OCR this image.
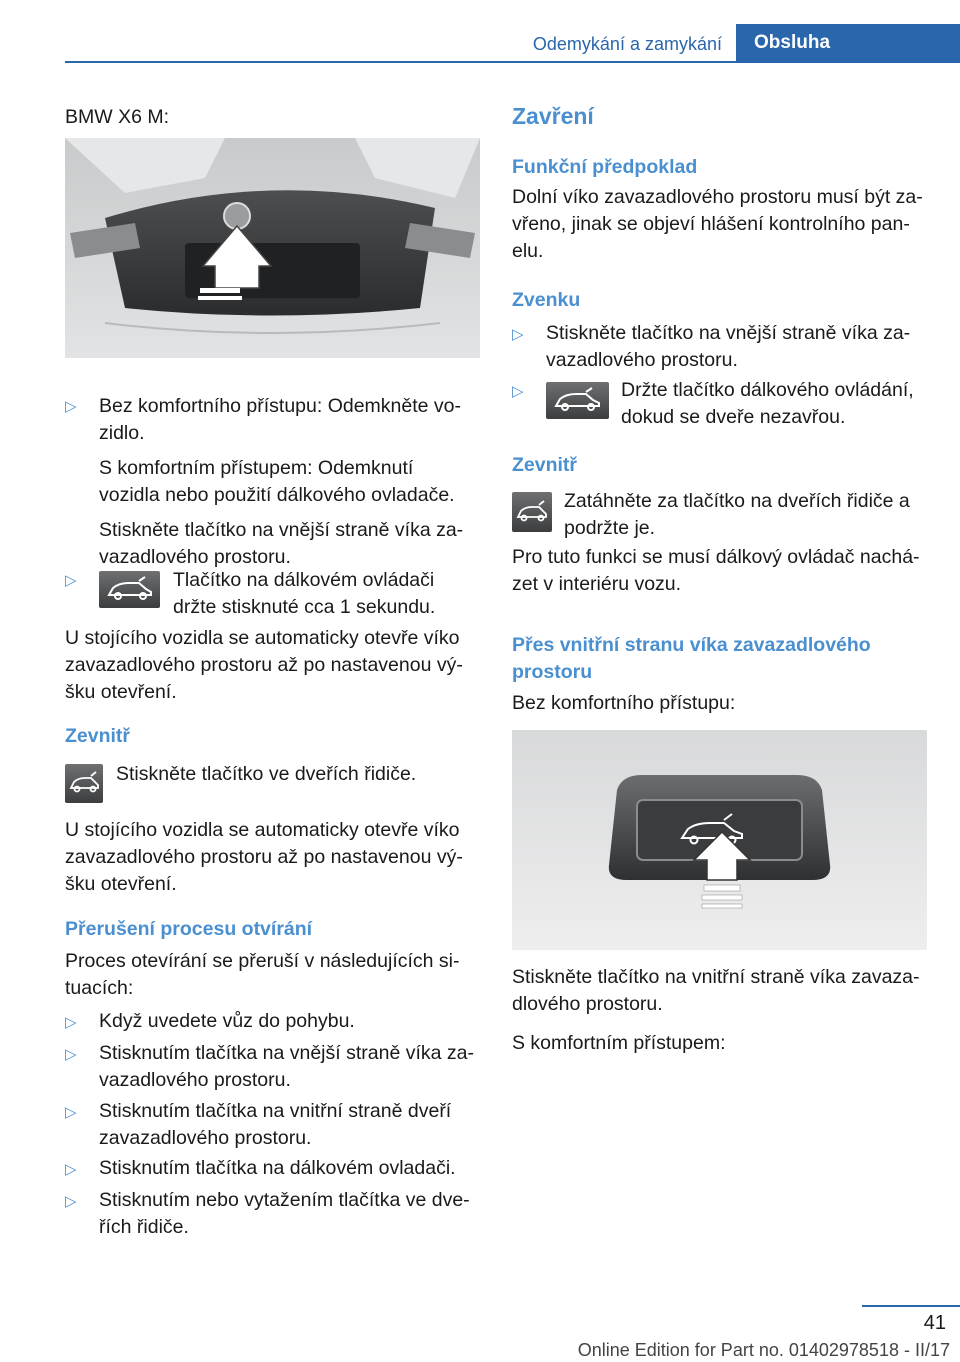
Odemykání a zamykání	Obsluha

BMW X6 M:

▷ Bez komfortního přístupu: Odemkněte vo-
zidlo.

S komfortním přístupem: Odemknutí
vozidla nebo použití dálkového ovladače.

Stiskněte tlačítko na vnější straně víka za-
vazadlového prostoru.

▷	Tlačítko na dálkovém ovládači
držte stisknuté cca 1 sekundu.

U stojícího vozidla se automaticky otevře víko
zavazadlového prostoru až po nastavenou vý-
šku otevření.

Zevnitř
Stiskněte tlačítko ve dveřích řidiče.

U stojícího vozidla se automaticky otevře víko
zavazadlového prostoru až po nastavenou vý-
šku otevření.

Přerušení procesu otvírání

Proces otevírání se přeruší v následujících si-
tuacích:

▷ Když uvedete vůz do pohybu.
▷ Stisknutím tlačítka na vnější straně víka za-
vazadlového prostoru.
▷ Stisknutím tlačítka na vnitřní straně dveří
zavazadlového prostoru.
▷ Stisknutím tlačítka na dálkovém ovladači.
▷ Stisknutím nebo vytažením tlačítka ve dve-
řích řidiče.
Zavření
Funkční předpoklad
Dolní víko zavazadlového prostoru musí být za-
vřeno, jinak se objeví hlášení kontrolního pan-
elu.
Zvenku
▷ Stiskněte tlačítko na vnější straně víka za-
vazadlového prostoru.
▷	Držte tlačítko dálkového ovládání,
dokud se dveře nezavřou.
Zevnitř
Zatáhněte za tlačítko na dveřích řidiče a
podržte je.
Pro tuto funkci se musí dálkový ovládač nachá-
zet v interiéru vozu.
Přes vnitřní stranu víka zavazadlového
prostoru
Bez komfortního přístupu:
Stiskněte tlačítko na vnitřní straně víka zavaza-
dlového prostoru.
S komfortním přístupem:
41
Online Edition for Part no. 01402978518 - II/17
